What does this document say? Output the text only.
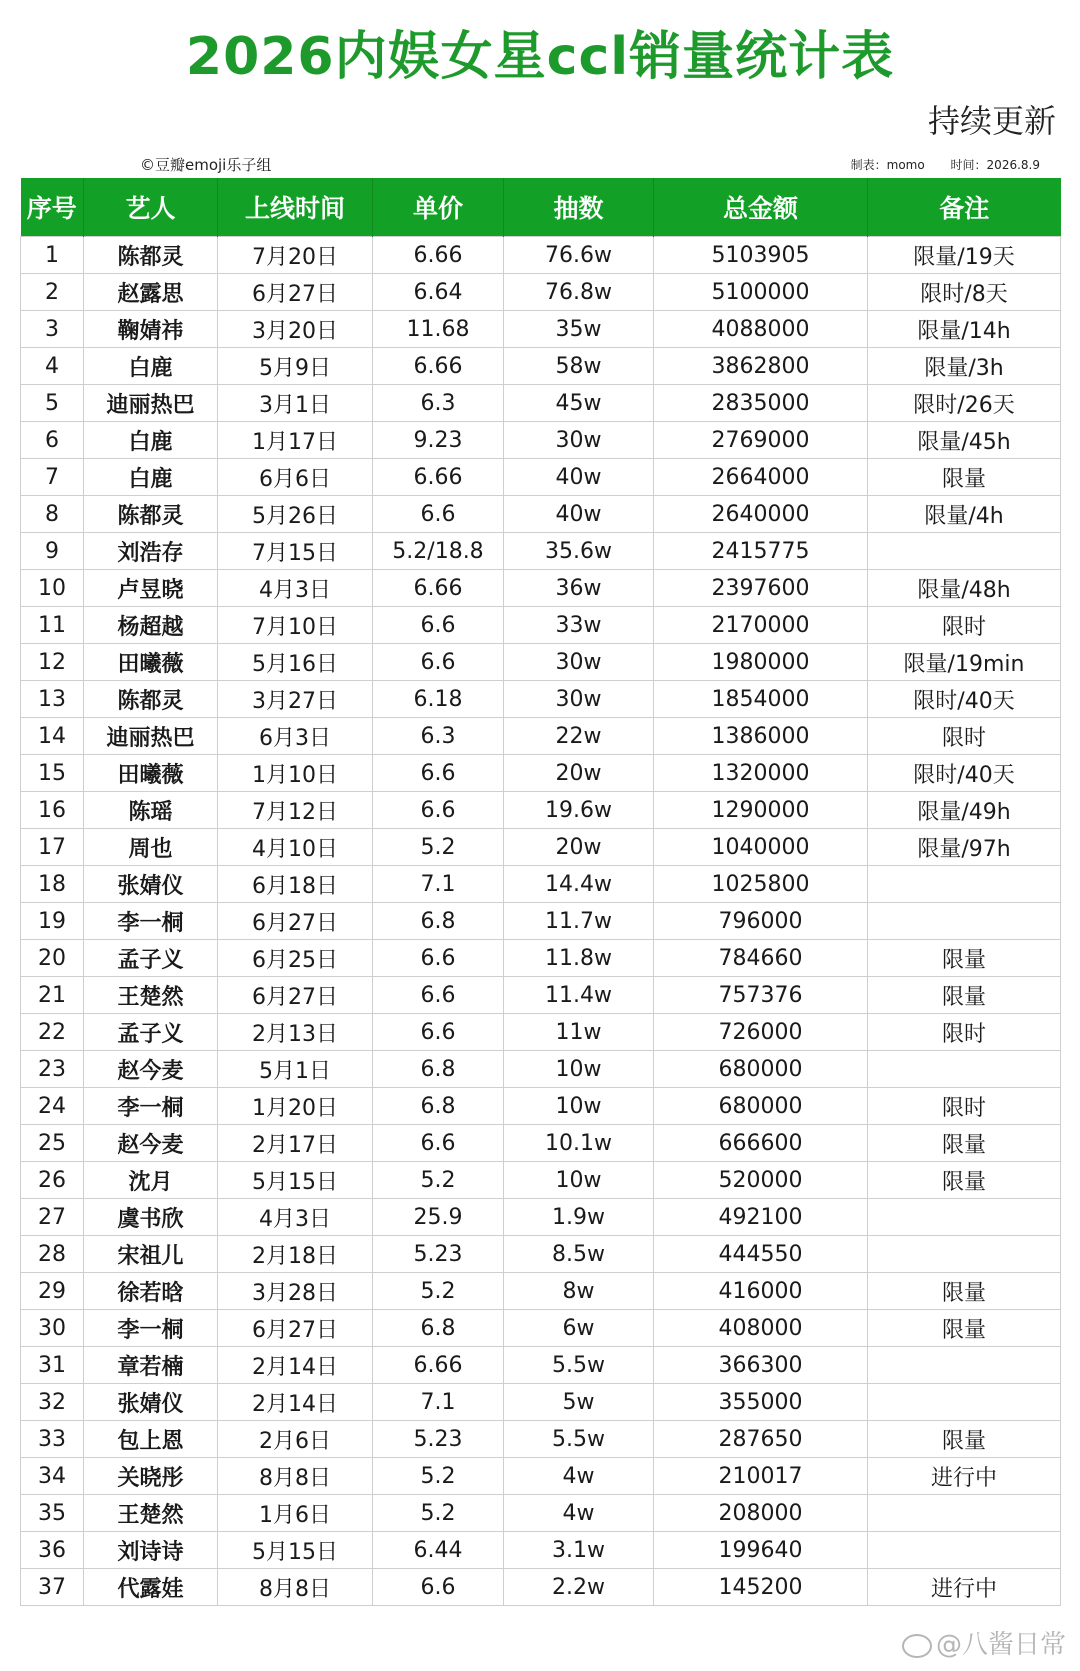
2026内娱女星ccl销量统计表
持续更新
©豆瓣emoji乐子组	制表：momo 时间：2026.8.9
序号	艺人	上线时间	单价	抽数	总金额	备注
1	陈都灵	7月20日	6.66	76.6w	5103905	限量/19天
2	赵露思	6月27日	6.64	76.8w	5100000	限时/8天
3	鞠婧祎	3月20日	11.68	35w	4088000	限量/14h
4	白鹿	5月9日	6.66	58w	3862800	限量/3h
5	迪丽热巴	3月1日	6.3	45w	2835000	限时/26天
6	白鹿	1月17日	9.23	30w	2769000	限量/45h
7	白鹿	6月6日	6.66	40w	2664000	限量
8	陈都灵	5月26日	6.6	40w	2640000	限量/4h
9	刘浩存	7月15日	5.2/18.8	35.6w	2415775	
10	卢昱晓	4月3日	6.66	36w	2397600	限量/48h
11	杨超越	7月10日	6.6	33w	2170000	限时
12	田曦薇	5月16日	6.6	30w	1980000	限量/19min
13	陈都灵	3月27日	6.18	30w	1854000	限时/40天
14	迪丽热巴	6月3日	6.3	22w	1386000	限时
15	田曦薇	1月10日	6.6	20w	1320000	限时/40天
16	陈瑶	7月12日	6.6	19.6w	1290000	限量/49h
17	周也	4月10日	5.2	20w	1040000	限量/97h
18	张婧仪	6月18日	7.1	14.4w	1025800	
19	李一桐	6月27日	6.8	11.7w	796000	
20	孟子义	6月25日	6.6	11.8w	784660	限量
21	王楚然	6月27日	6.6	11.4w	757376	限量
22	孟子义	2月13日	6.6	11w	726000	限时
23	赵今麦	5月1日	6.8	10w	680000	
24	李一桐	1月20日	6.8	10w	680000	限时
25	赵今麦	2月17日	6.6	10.1w	666600	限量
26	沈月	5月15日	5.2	10w	520000	限量
27	虞书欣	4月3日	25.9	1.9w	492100	
28	宋祖儿	2月18日	5.23	8.5w	444550	
29	徐若晗	3月28日	5.2	8w	416000	限量
30	李一桐	6月27日	6.8	6w	408000	限量
31	章若楠	2月14日	6.66	5.5w	366300	
32	张婧仪	2月14日	7.1	5w	355000	
33	包上恩	2月6日	5.23	5.5w	287650	限量
34	关晓彤	8月8日	5.2	4w	210017	进行中
35	王楚然	1月6日	5.2	4w	208000	
36	刘诗诗	5月15日	6.44	3.1w	199640	
37	代露娃	8月8日	6.6	2.2w	145200	进行中
@八酱日常
